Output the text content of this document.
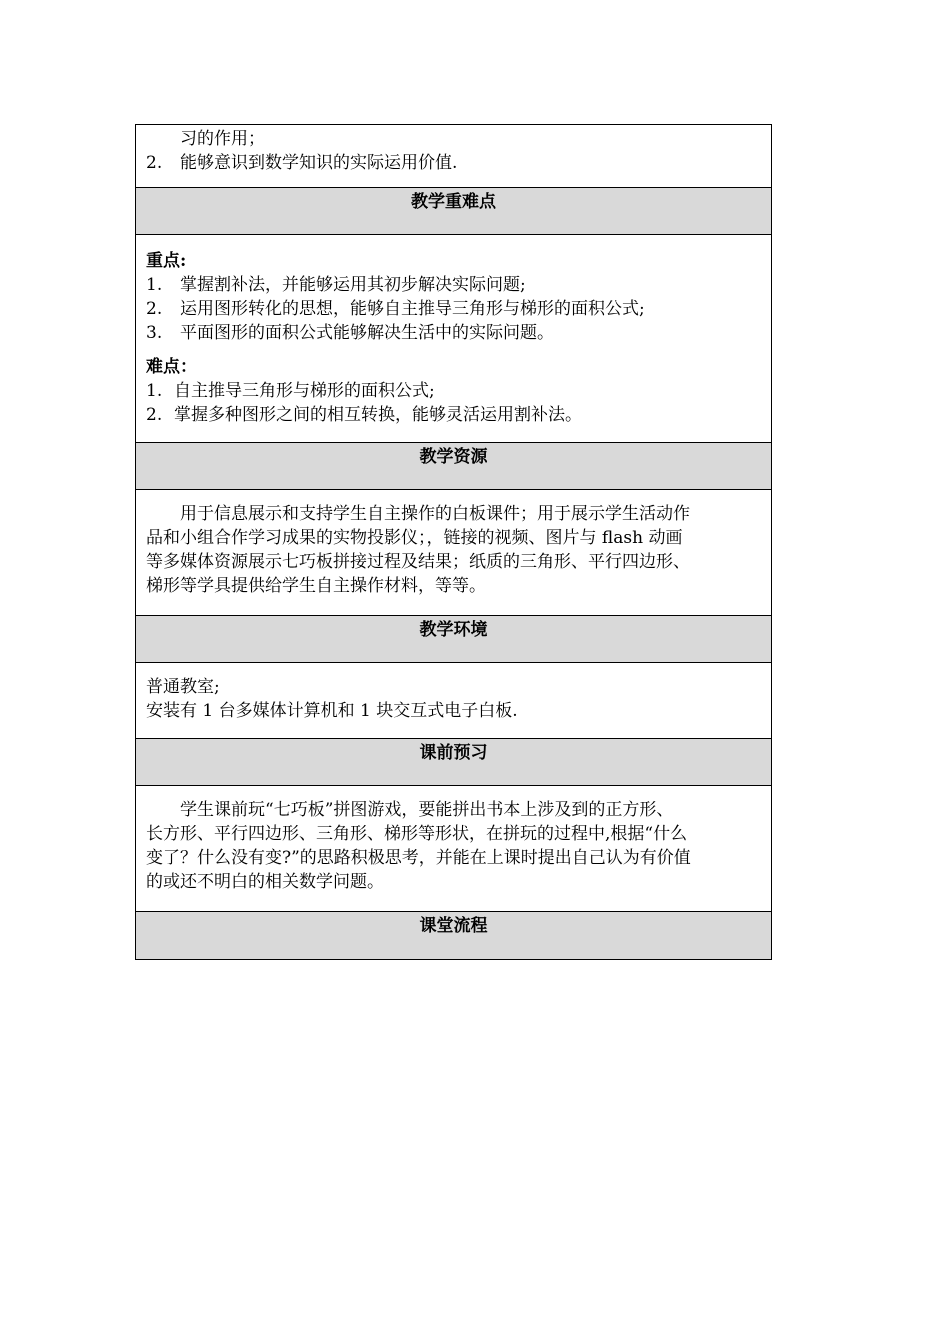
习的作用；
2. 能够意识到数学知识的实际运用价值.
教学重难点
重点:
1. 掌握割补法，并能够运用其初步解决实际问题;
2. 运用图形转化的思想，能够自主推导三角形与梯形的面积公式;
3. 平面图形的面积公式能够解决生活中的实际问题。
难点：
1. 自主推导三角形与梯形的面积公式;
2. 掌握多种图形之间的相互转换，能够灵活运用割补法。
教学资源
用于信息展示和支持学生自主操作的白板课件；用于展示学生活动作
品和小组合作学习成果的实物投影仪；，链接的视频、图片与 flash 动画
等多媒体资源展示七巧板拼接过程及结果；纸质的三角形、平行四边形、
梯形等学具提供给学生自主操作材料，等等。
教学环境
普通教室;
安装有 1 台多媒体计算机和 1 块交互式电子白板.
课前预习
学生课前玩“七巧板”拼图游戏，要能拼出书本上涉及到的正方形、
长方形、平行四边形、三角形、梯形等形状，在拼玩的过程中,根据“什么
变了？什么没有变?”的思路积极思考，并能在上课时提出自己认为有价值
的或还不明白的相关数学问题。
课堂流程
